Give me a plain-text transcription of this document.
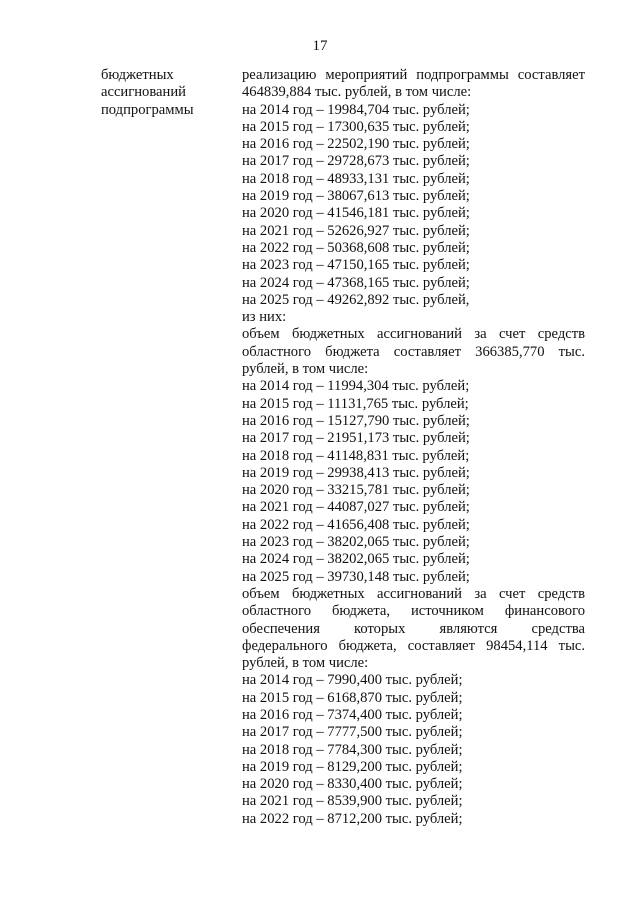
17
бюджетных
ассигнований
подпрограммы
реализацию мероприятий подпрограммы составляет
464839,884 тыс. рублей, в том числе:
на 2014 год – 19984,704 тыс. рублей;
на 2015 год – 17300,635 тыс. рублей;
на 2016 год – 22502,190 тыс. рублей;
на 2017 год – 29728,673 тыс. рублей;
на 2018 год – 48933,131 тыс. рублей;
на 2019 год – 38067,613 тыс. рублей;
на 2020 год – 41546,181 тыс. рублей;
на 2021 год – 52626,927 тыс. рублей;
на 2022 год – 50368,608 тыс. рублей;
на 2023 год – 47150,165 тыс. рублей;
на 2024 год – 47368,165 тыс. рублей;
на 2025 год – 49262,892 тыс. рублей,
из них:
объем бюджетных ассигнований за счет средств
областного бюджета составляет 366385,770 тыс.
рублей, в том числе:
на 2014 год – 11994,304 тыс. рублей;
на 2015 год – 11131,765 тыс. рублей;
на 2016 год – 15127,790 тыс. рублей;
на 2017 год – 21951,173 тыс. рублей;
на 2018 год – 41148,831 тыс. рублей;
на 2019 год – 29938,413 тыс. рублей;
на 2020 год – 33215,781 тыс. рублей;
на 2021 год – 44087,027 тыс. рублей;
на 2022 год – 41656,408 тыс. рублей;
на 2023 год – 38202,065 тыс. рублей;
на 2024 год – 38202,065 тыс. рублей;
на 2025 год – 39730,148 тыс. рублей;
объем бюджетных ассигнований за счет средств
областного бюджета, источником финансового
обеспечения которых являются средства
федерального бюджета, составляет 98454,114 тыс.
рублей, в том числе:
на 2014 год – 7990,400 тыс. рублей;
на 2015 год – 6168,870 тыс. рублей;
на 2016 год – 7374,400 тыс. рублей;
на 2017 год – 7777,500 тыс. рублей;
на 2018 год – 7784,300 тыс. рублей;
на 2019 год – 8129,200 тыс. рублей;
на 2020 год – 8330,400 тыс. рублей;
на 2021 год – 8539,900 тыс. рублей;
на 2022 год – 8712,200 тыс. рублей;
